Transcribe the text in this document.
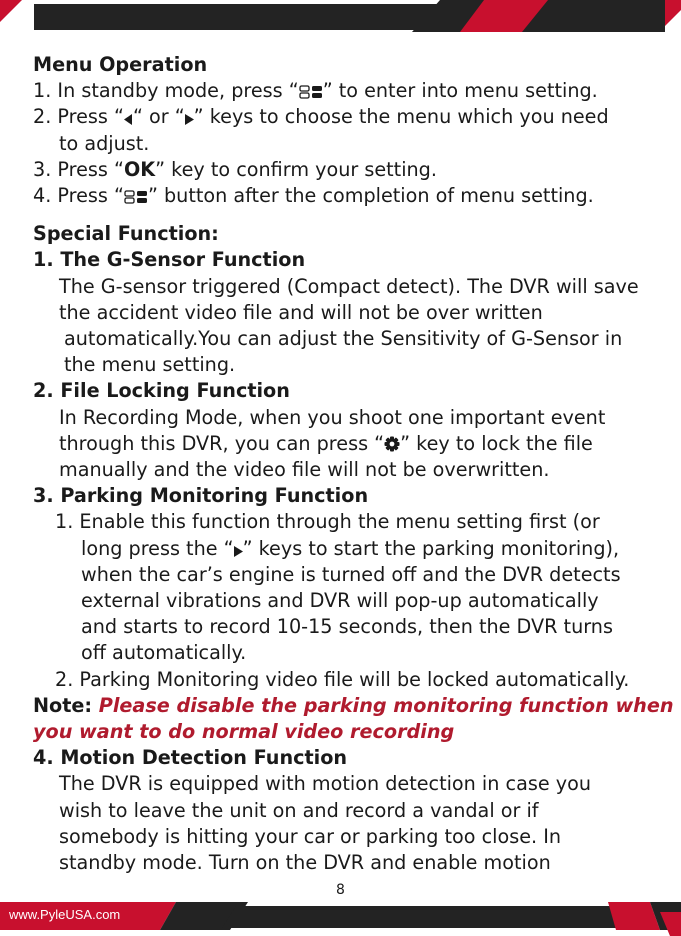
8
www.PyleUSA.com
Menu Operation
1. In standby mode, press “ ” to enter into menu setting.
2. Press “ “ or “ ” keys to choose the menu which you need
to adjust.
3. Press “OK” key to confirm your setting.
4. Press “ ” button after the completion of menu setting.
Special Function:
1. The G-Sensor Function
The G-sensor triggered (Compact detect). The DVR will save
the accident video file and will not be over written
automatically.You can adjust the Sensitivity of G-Sensor in
the menu setting.
2. File Locking Function
In Recording Mode, when you shoot one important event
through this DVR, you can press “ ” key to lock the file
manually and the video file will not be overwritten.
3. Parking Monitoring Function
1. Enable this function through the menu setting first (or
long press the “ ” keys to start the parking monitoring),
when the car’s engine is turned off and the DVR detects
external vibrations and DVR will pop-up automatically
and starts to record 10-15 seconds, then the DVR turns
off automatically.
2. Parking Monitoring video file will be locked automatically.
Note: Please disable the parking monitoring function when
you want to do normal video recording
4. Motion Detection Function
The DVR is equipped with motion detection in case you
wish to leave the unit on and record a vandal or if
somebody is hitting your car or parking too close. In
standby mode. Turn on the DVR and enable motion
